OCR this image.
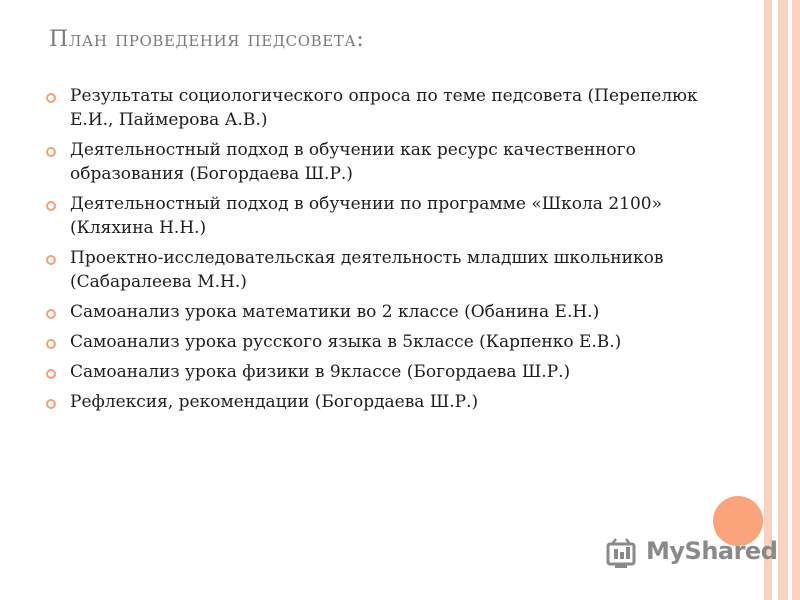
План проведения педсовета:
Результаты социологического опроса по теме педсовета (Перепелюк Е.И., Паймерова А.В.)
Деятельностный подход в обучении как ресурс качественного образования (Богордаева Ш.Р.)
Деятельностный подход в обучении по программе «Школа 2100» (Кляхина Н.Н.)
Проектно-исследовательская деятельность младших школьников (Сабаралеева М.Н.)
Самоанализ урока математики во 2 классе (Обанина Е.Н.)
Самоанализ урока русского языка в 5классе (Карпенко Е.В.)
Самоанализ урока физики в 9классе (Богордаева Ш.Р.)
Рефлексия, рекомендации (Богордаева Ш.Р.)
MyShared
